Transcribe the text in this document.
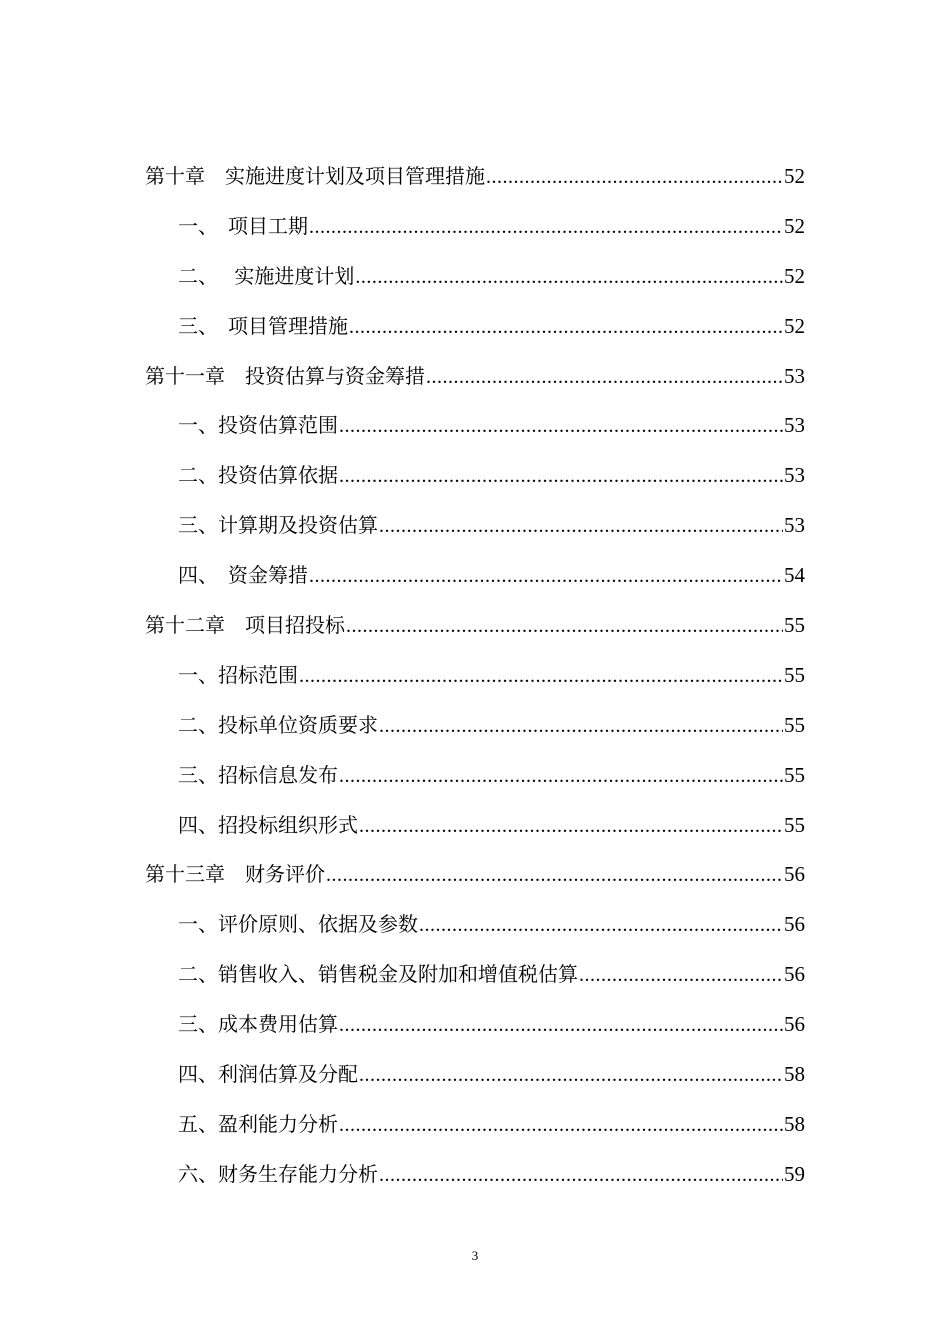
第十章　实施进度计划及项目管理措施 .....	52
一、　项目工期 .....	52
二、　 实施进度计划 .....	52
三、　项目管理措施 .....	52
第十一章　投资估算与资金筹措 .....	53
一、投资估算范围 .....	53
二、投资估算依据 .....	53
三、计算期及投资估算 .....	53
四、　资金筹措 .....	54
第十二章　项目招投标 .....	55
一、招标范围 .....	55
二、投标单位资质要求 .....	55
三、招标信息发布 .....	55
四、招投标组织形式 .....	55
第十三章　财务评价 .....	56
一、评价原则、依据及参数 .....	56
二、销售收入、销售税金及附加和增值税估算 .....	56
三、成本费用估算 .....	56
四、利润估算及分配 .....	58
五、盈利能力分析 .....	58
六、财务生存能力分析 .....	59
3
